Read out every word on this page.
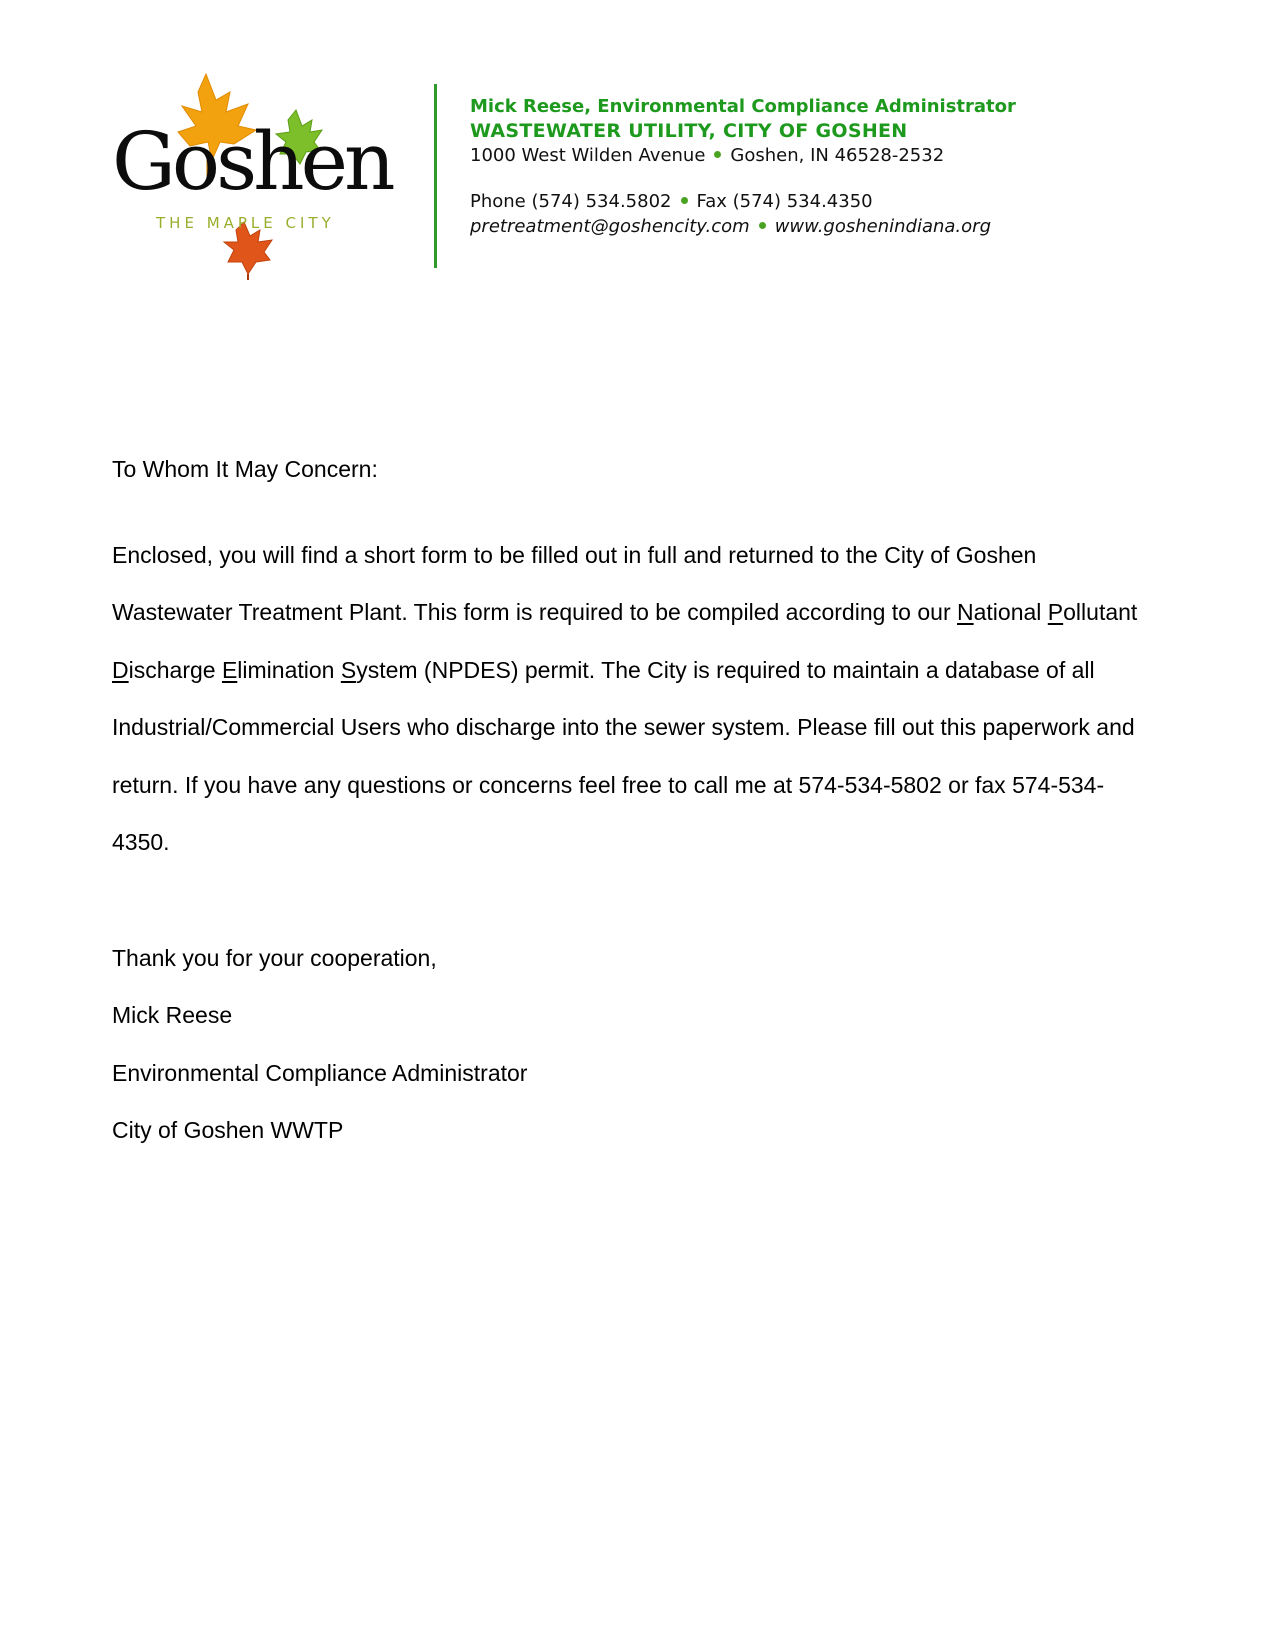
Goshen
THE MAPLE CITY
Mick Reese, Environmental Compliance Administrator
WASTEWATER UTILITY, CITY OF GOSHEN
1000 West Wilden Avenue Goshen, IN 46528-2532
Phone (574) 534.5802 Fax (574) 534.4350
pretreatment@goshencity.com www.goshenindiana.org

To Whom It May Concern:

Enclosed, you will find a short form to be filled out in full and returned to the City of Goshen Wastewater Treatment Plant. This form is required to be compiled according to our National Pollutant Discharge Elimination System (NPDES) permit. The City is required to maintain a database of all Industrial/Commercial Users who discharge into the sewer system. Please fill out this paperwork and return. If you have any questions or concerns feel free to call me at 574-534-5802 or fax 574-534-4350.

Thank you for your cooperation,

Mick Reese

Environmental Compliance Administrator

City of Goshen WWTP
